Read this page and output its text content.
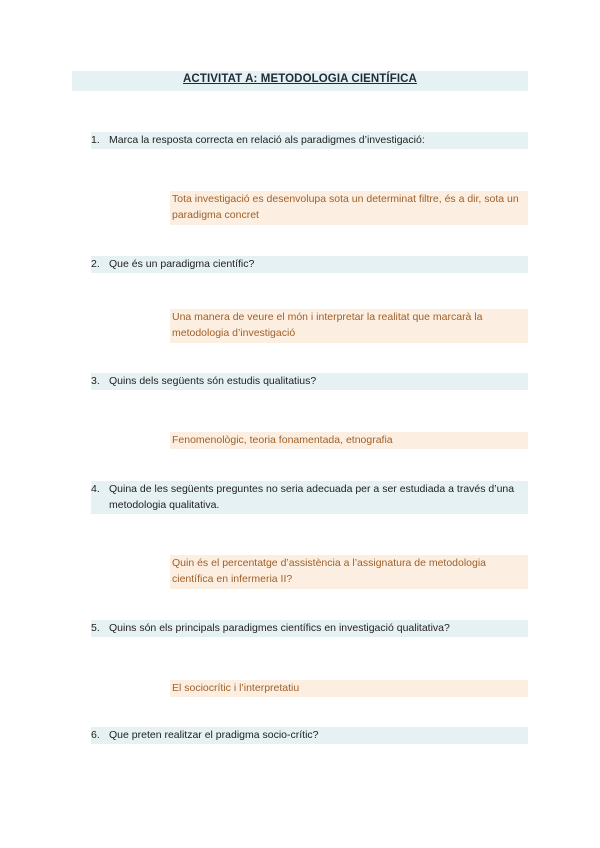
ACTIVITAT A: METODOLOGIA CIENTÍFICA
1. Marca la resposta correcta en relació als paradigmes d’investigació:
Tota investigació es desenvolupa sota un determinat filtre, és a dir, sota un paradigma concret
2. Que és un paradigma científic?
Una manera de veure el món i interpretar la realitat que marcarà la metodologia d’investigació
3. Quins dels següents són estudis qualitatius?
Fenomenològic, teoria fonamentada, etnografia
4. Quina de les següents preguntes no seria adecuada per a ser estudiada a través d’una metodologia qualitativa.
Quin és el percentatge d’assistència a l’assignatura de metodologia científica en infermeria II?
5. Quins són els principals paradigmes científics en investigació qualitativa?
El sociocrític i l’interpretatiu
6. Que preten realitzar el pradigma socio-crític?
